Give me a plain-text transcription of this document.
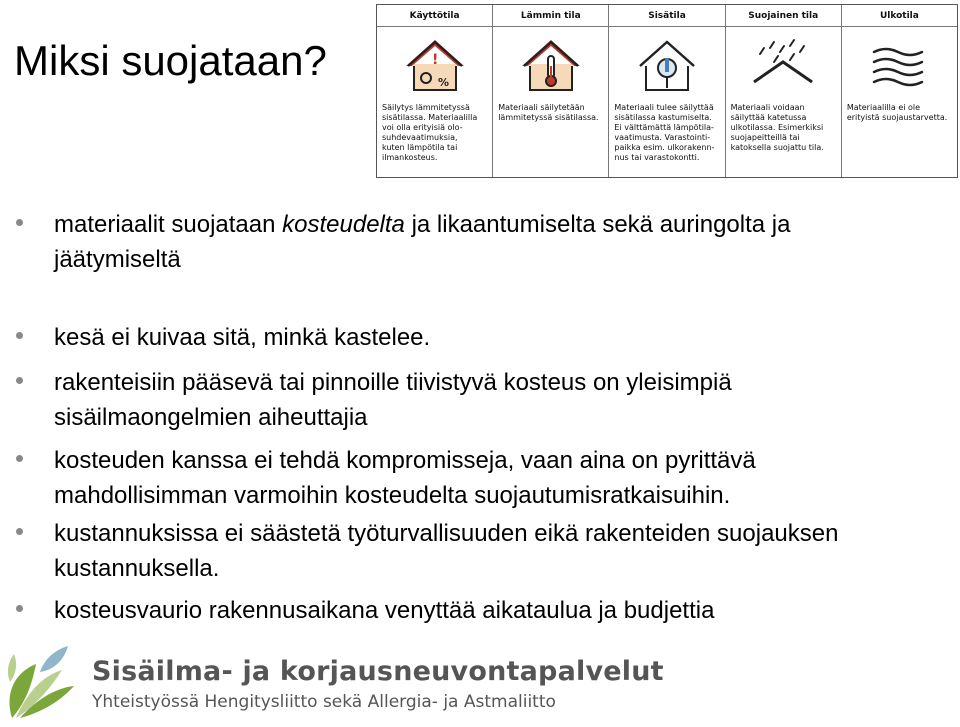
Miksi suojataan?
Käyttötila
!
%
Säilytys lämmitetyssä
sisätilassa. Materiaalilla
voi olla erityisiä olo-
suhdevaatimuksia,
kuten lämpötila tai
ilmankosteus.
Lämmin tila
Materiaali säilytetään
lämmitetyssä sisätilassa.
Sisätila
Materiaali tulee säilyttää
sisätilassa kastumiselta.
Ei välttämättä lämpötila-
vaatimusta. Varastointi-
paikka esim. ulkorakenn-
nus tai varastokontti.
Suojainen tila
Materiaali voidaan
säilyttää katetussa
ulkotilassa. Esimerkiksi
suojapeitteillä tai
katoksella suojattu tila.
Ulkotila
Materiaalilla ei ole
erityistä suojaustarvetta.
materiaalit suojataan kosteudelta ja likaantumiselta sekä auringolta ja jäätymiseltä
kesä ei kuivaa sitä, minkä kastelee.
rakenteisiin pääsevä tai pinnoille tiivistyvä kosteus on yleisimpiä sisäilmaongelmien aiheuttajia
kosteuden kanssa ei tehdä kompromisseja, vaan aina on pyrittävä mahdollisimman varmoihin kosteudelta suojautumisratkaisuihin.
kustannuksissa ei säästetä työturvallisuuden eikä rakenteiden suojauksen kustannuksella.
kosteusvaurio rakennusaikana venyttää aikataulua ja budjettia
Sisäilma- ja korjausneuvontapalvelut
Yhteistyössä Hengitysliitto sekä Allergia- ja Astmaliitto
